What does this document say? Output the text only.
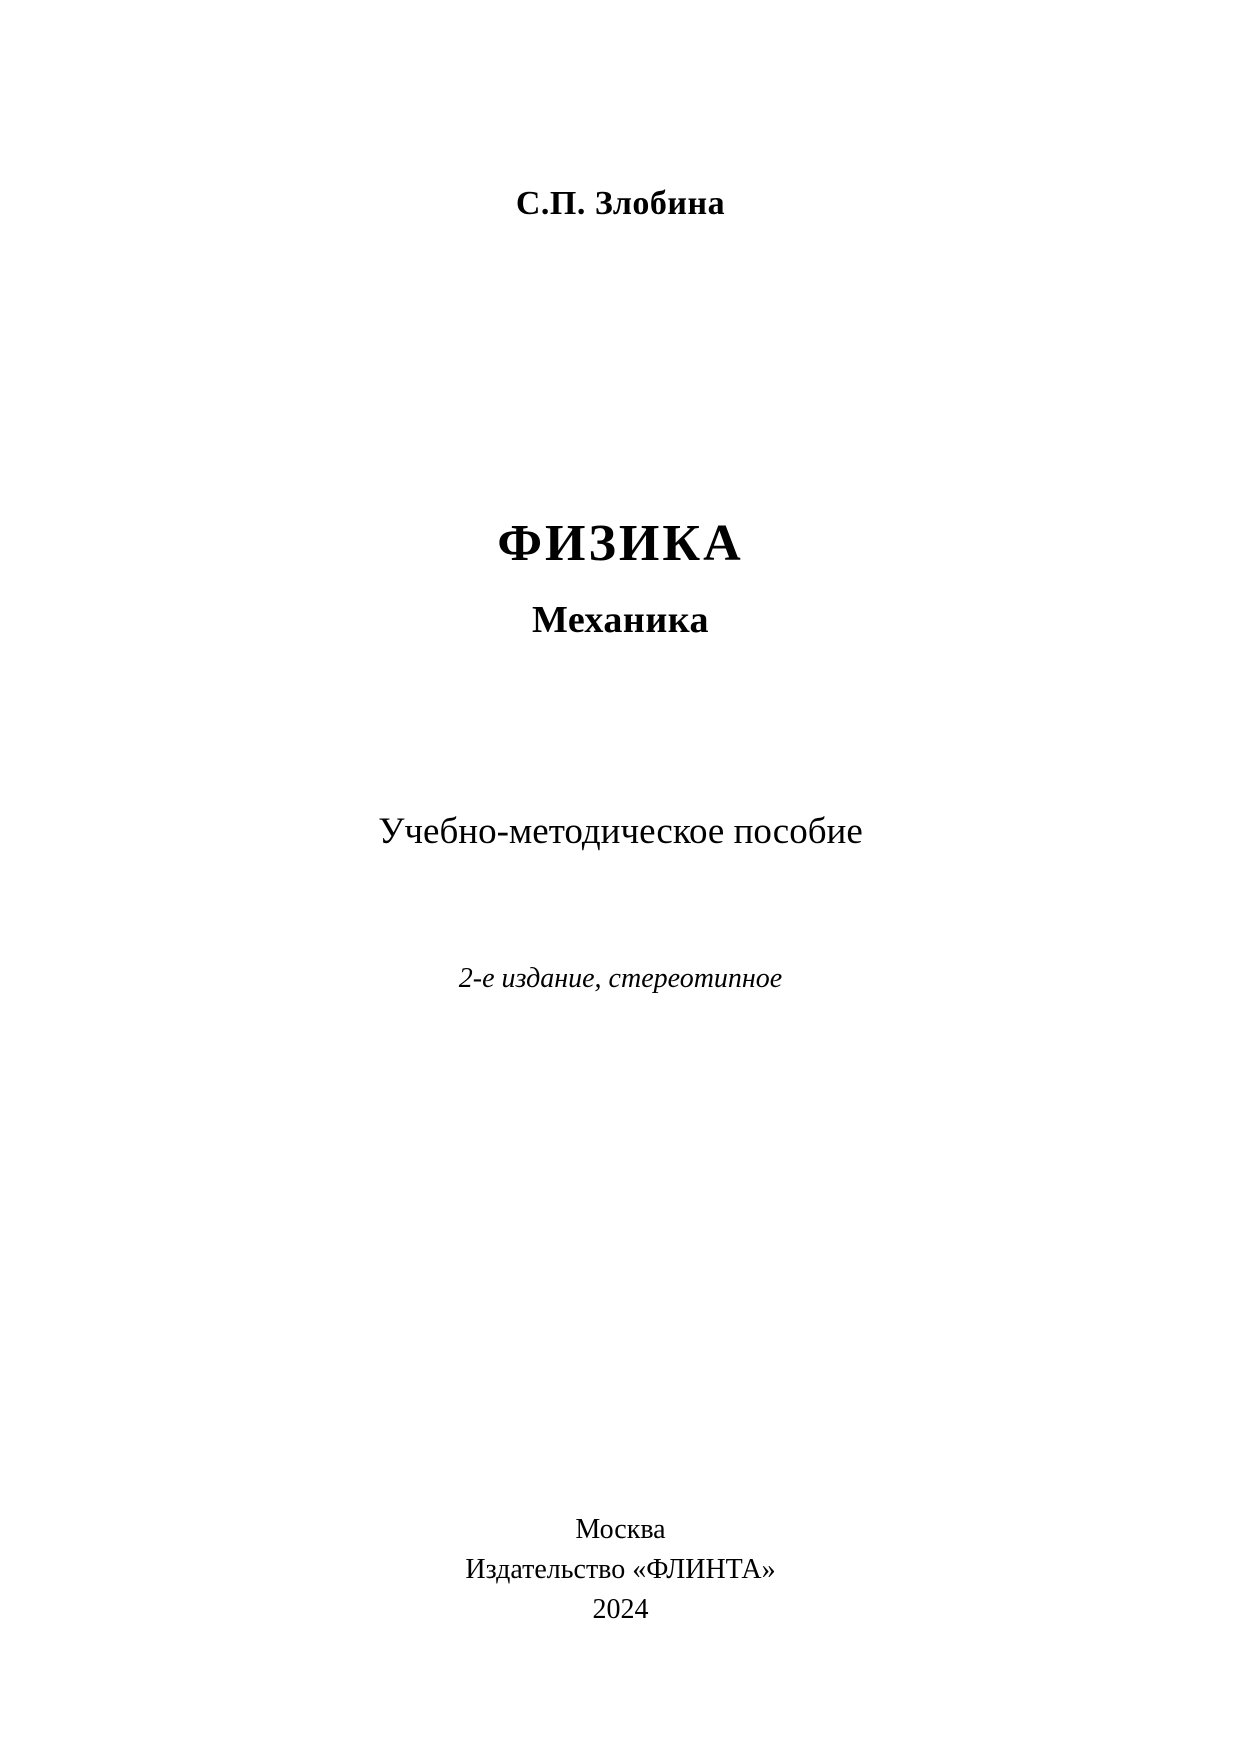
С.П. Злобина
ФИЗИКА
Механика
Учебно-методическое пособие
2-е издание, стереотипное
Москва
Издательство «ФЛИНТА»
2024
